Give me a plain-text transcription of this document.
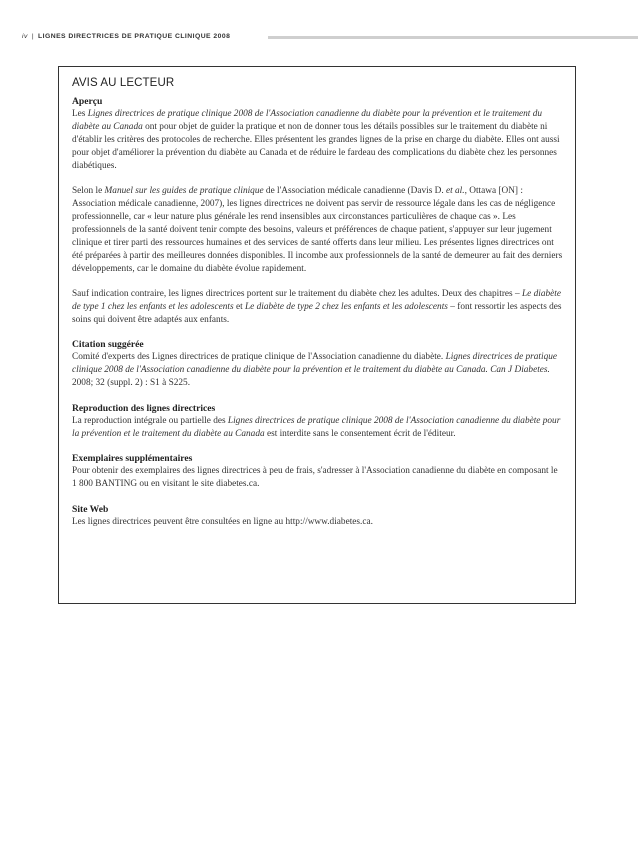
iv | LIGNES DIRECTRICES DE PRATIQUE CLINIQUE 2008
AVIS AU LECTEUR
Aperçu

Les Lignes directrices de pratique clinique 2008 de l'Association canadienne du diabète pour la prévention et le traitement du diabète au Canada ont pour objet de guider la pratique et non de donner tous les détails possibles sur le traitement du diabète ni d'établir les critères des protocoles de recherche. Elles présentent les grandes lignes de la prise en charge du diabète. Elles ont aussi pour objet d'améliorer la prévention du diabète au Canada et de réduire le fardeau des complications du diabète chez les personnes diabétiques.

Selon le Manuel sur les guides de pratique clinique de l'Association médicale canadienne (Davis D. et al., Ottawa [ON] : Association médicale canadienne, 2007), les lignes directrices ne doivent pas servir de ressource légale dans les cas de négligence professionnelle, car « leur nature plus générale les rend insensibles aux circonstances particulières de chaque cas ». Les professionnels de la santé doivent tenir compte des besoins, valeurs et préférences de chaque patient, s'appuyer sur leur jugement clinique et tirer parti des ressources humaines et des services de santé offerts dans leur milieu. Les présentes lignes directrices ont été préparées à partir des meilleures données disponibles. Il incombe aux professionnels de la santé de demeurer au fait des derniers développements, car le domaine du diabète évolue rapidement.

Sauf indication contraire, les lignes directrices portent sur le traitement du diabète chez les adultes. Deux des chapitres – Le diabète de type 1 chez les enfants et les adolescents et Le diabète de type 2 chez les enfants et les adolescents – font ressortir les aspects des soins qui doivent être adaptés aux enfants.

Citation suggérée

Comité d'experts des Lignes directrices de pratique clinique de l'Association canadienne du diabète. Lignes directrices de pratique clinique 2008 de l'Association canadienne du diabète pour la prévention et le traitement du diabète au Canada. Can J Diabetes. 2008; 32 (suppl. 2) : S1 à S225.

Reproduction des lignes directrices

La reproduction intégrale ou partielle des Lignes directrices de pratique clinique 2008 de l'Association canadienne du diabète pour la prévention et le traitement du diabète au Canada est interdite sans le consentement écrit de l'éditeur.

Exemplaires supplémentaires

Pour obtenir des exemplaires des lignes directrices à peu de frais, s'adresser à l'Association canadienne du diabète en composant le 1 800 BANTING ou en visitant le site diabetes.ca.

Site Web

Les lignes directrices peuvent être consultées en ligne au http://www.diabetes.ca.
